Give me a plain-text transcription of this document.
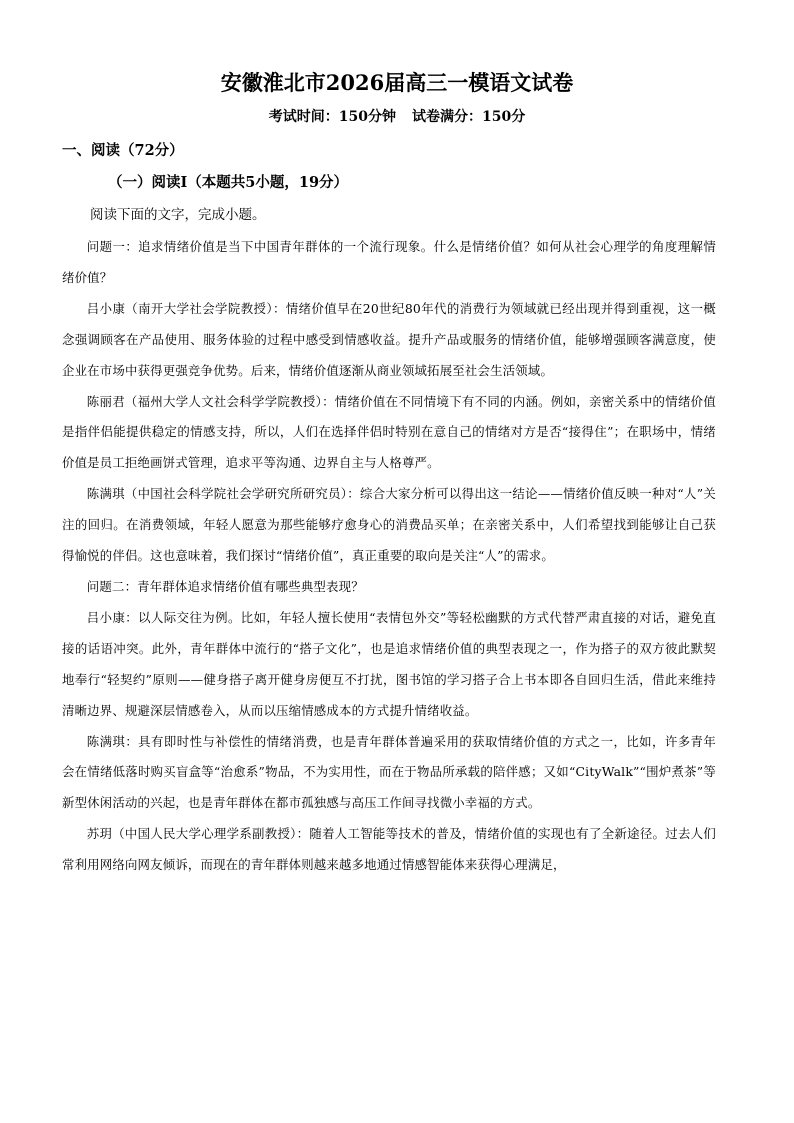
安徽淮北市2026届高三一模语文试卷
考试时间：150分钟 试卷满分：150分
一、阅读（72分）
（一）阅读Ⅰ（本题共5小题，19分）
阅读下面的文字，完成小题。

问题一：追求情绪价值是当下中国青年群体的一个流行现象。什么是情绪价值？如何从社会心理学的角度理解情绪价值？

吕小康（南开大学社会学院教授）：情绪价值早在20世纪80年代的消费行为领域就已经出现并得到重视，这一概念强调顾客在产品使用、服务体验的过程中感受到情感收益。提升产品或服务的情绪价值，能够增强顾客满意度，使企业在市场中获得更强竞争优势。后来，情绪价值逐渐从商业领域拓展至社会生活领域。

陈丽君（福州大学人文社会科学学院教授）：情绪价值在不同情境下有不同的内涵。例如，亲密关系中的情绪价值是指伴侣能提供稳定的情感支持，所以，人们在选择伴侣时特别在意自己的情绪对方是否“接得住”；在职场中，情绪价值是员工拒绝画饼式管理，追求平等沟通、边界自主与人格尊严。

陈满琪（中国社会科学院社会学研究所研究员）：综合大家分析可以得出这一结论——情绪价值反映一种对“人”关注的回归。在消费领域，年轻人愿意为那些能够疗愈身心的消费品买单；在亲密关系中，人们希望找到能够让自己获得愉悦的伴侣。这也意味着，我们探讨“情绪价值”，真正重要的取向是关注“人”的需求。

问题二：青年群体追求情绪价值有哪些典型表现？

吕小康：以人际交往为例。比如，年轻人擅长使用“表情包外交”等轻松幽默的方式代替严肃直接的对话，避免直接的话语冲突。此外，青年群体中流行的“搭子文化”，也是追求情绪价值的典型表现之一，作为搭子的双方彼此默契地奉行“轻契约”原则——健身搭子离开健身房便互不打扰，图书馆的学习搭子合上书本即各自回归生活，借此来维持清晰边界、规避深层情感卷入，从而以压缩情感成本的方式提升情绪收益。

陈满琪：具有即时性与补偿性的情绪消费，也是青年群体普遍采用的获取情绪价值的方式之一，比如，许多青年会在情绪低落时购买盲盒等“治愈系”物品，不为实用性，而在于物品所承载的陪伴感；又如“CityWalk”“围炉煮茶”等新型休闲活动的兴起，也是青年群体在都市孤独感与高压工作间寻找微小幸福的方式。

苏玥（中国人民大学心理学系副教授）：随着人工智能等技术的普及，情绪价值的实现也有了全新途径。过去人们常利用网络向网友倾诉，而现在的青年群体则越来越多地通过情感智能体来获得心理满足，
